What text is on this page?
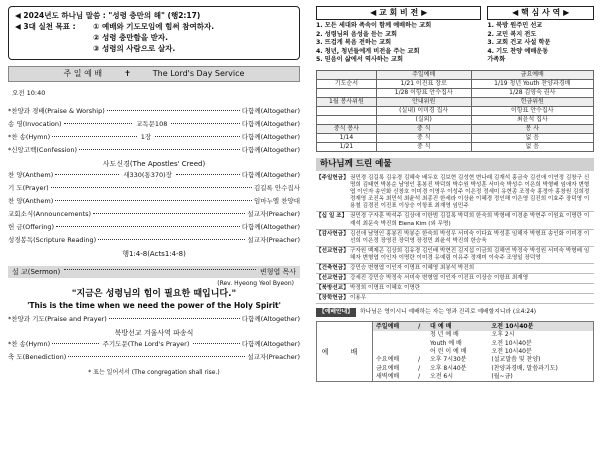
◀ 2024년도 하나님 말씀 : "성령 충만의 해" (행2:17)
◀ 3대 실천 목표 :	① 예배와 기도모임에 힘써 참여하자.
② 성령 충만함을 받자.
③ 성령의 사람으로 살자.
주 일 예 배	✝	The Lord's Day Service
오전 10:40
*찬양과 경배(Praise & Worship)	다함께(Altogether)
송 영(Invocation)	교독문108	다함께(Altogether)
*찬 송(Hymn)	1장	다함께(Altogether)
*신앙고백(Confession)	다함께(Altogether)
사도신경(The Apostles' Creed)
찬 양(Anthem)	새330(통370)장	다함께(Altogether)
기 도(Prayer)	김길록 안수집사
찬 양(Anthem)	임마누엘 찬양대
교회소식(Announcements)	설교자(Preacher)
헌 금(Offering)	다함께(Altogether)
성경봉독(Scripture Reading)	설교자(Preacher)
행1:4-8(Acts1:4-8)
설 교(Sermon)	변형엽 목사
(Rev. Hyeong Yeol Byeon)
"지금은 성령님의 힘이 필요한 때입니다."
'This is the time when we need the power of the Holy Spirit'
*찬양과 기도(Praise and Prayer)	다함께(Altogether)
북방선교 겨울사역 파송식
*찬 송(Hymn)	주기도문(The Lord's Prayer)	다함께(Altogether)
축 도(Benediction)	설교자(Preacher)
* 표는 일어서서 (The congregation shall rise.)
◀ 교 회 비 전 ▶
1. 모든 세대와 족속이 함께 예배하는 교회
2. 성령님의 음성을 듣는 교회
3. 뜨겁게 복음 전하는 교회
4. 청년, 청년들에게 비전을 주는 교회
5. 믿음이 삶에서 역사하는 교회
◀ 핵 심 사 역 ▶
1. 북방 원주민 선교
2. 교민 복지 전도
3. 교회 건교 사설 학문
4. 기도 찬양 예배운동
가족화
	주일예배	금요예배
기도순서	1/21 이진표 장로	1/19 청년 Youth 찬양과경배
	1/28 이항표 안수집사	1/28 김영숙 권사
1월 봉사위원	안내위원	헌금위원
	(실내) 이미경 집사	이항표 안수집사
	(실외)	최윤석 집사
중식 봉사	중 식	봉 사
1/14	중 식	없 음
1/21	중 식	없 음
하나님께 드린 예물
【주일헌금】 권민경 김길록 김유경 김혜숙 배두호 김보현 김성현 변나래 김재석 홍금숙 김선애 이연정 김창구 신명희 김태현 박봉순 남영인 홍봉진 박덕희 박수원 박성훈 서미숙 박성수 이은희 박형배 임애자 변형엽 이인자 송인화 신창호 이미경 이영우 이성주 이은정 정세미 유현종 조정숙 홍정아 홍창원 김희정 정재영 조진옥 최민석 최윤석 최종진 한세라 이상윤 이혜경 정인해 이은영 김진희 이효주 장덕영 이용철 김경진 이진표 이상승 이항표 최재영 임민주
【십 일 조】 권민경 구자훈 박석주 김상애 이한범 김길록 박덕희 한숙희 박형배 이경춘 박현주 이원효 이명란 이재석 최문숙 박진희 Elena Kim (외 무명)
【감사헌금】 김선애 남영인 홍봉진 박봉순 한숙희 박성우 서미숙 이다효 박성훈 임해자 박형표 송인화 이미경 이선희 이은정 장영진 장덕영 장정민 최윤석 박진희 한승욱
【선교헌금】 구자원 백제곤 김상희 김유경 김인배 박현진 김지섭 이금희 김해연 박정숙 박성원 서미숙 박형배 임해자 변형엽 이인자 이명란 이미경 유예림 이유주 정재미 이숙주 조영일 장덕영
【건축헌금】 강민승 변형엽 이인자 이명표 이혜영 최봉석 박진희
【선교헌금】 강세진 강민승 박정숙 서미숙 변형엽 이인자 이진표 이상승 이항표 최재영
【북방선교】 박정희 이명표 이혜호 이명란
【장학헌금】 이용우
【예배안내】	하나님은 영이시니 예배하는 자는 영과 진리로 예배할지니라 (요4:24)
예 배
주일예배	/	대 예 배	오전 10시40분
		청 년 예 배	오후 2시
		Youth 예 배	오전 10시40분
		어 린 이 예 배	오전 10시40분
수요예배	/	오후 7시30분	(설교말씀 및 찬양)
금요예배	/	오후 8시40분	(찬양과경배, 말씀과기도)
새벽예배	/	오전 6시	(월~금)
